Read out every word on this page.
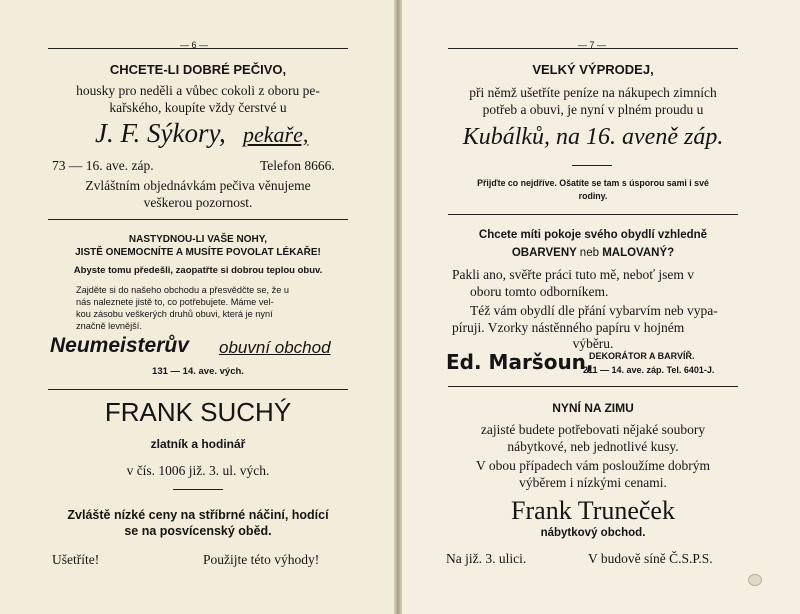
— 6 —
CHCETE-LI DOBRÉ PEČIVO,
housky pro neděli a vůbec cokoli z oboru pe-
kařského, koupíte vždy čerstvé u
J. F. Sýkory, pekaře,
73 — 16. ave. záp.	Telefon 8666.
Zvláštním objednávkám pečiva věnujeme
veškerou pozornost.
NASTYDNOU-LI VAŠE NOHY,
JISTĚ ONEMOCNÍTE A MUSÍTE POVOLAT LÉKAŘE!
Abyste tomu předešli, zaopatřte si dobrou teplou obuv.
Zajděte si do našeho obchodu a přesvědčte se, že u
nás naleznete jistě to, co potřebujete. Máme vel-
kou zásobu veškerých druhů obuvi, která je nyní
značně levnější.
Neumeisterův obuvní obchod
131 — 14. ave. vých.
FRANK SUCHÝ
zlatník a hodinář
v čís. 1006 již. 3. ul. vých.
Zvláště nízké ceny na stříbrné náčiní, hodící
se na posvícenský oběd.
Ušetříte!	Použijte této výhody!
— 7 —
VELKÝ VÝPRODEJ,
při němž ušetříte peníze na nákupech zimních
potřeb a obuvi, je nyní v plném proudu u
Kubálků, na 16. aveně záp.
Přijďte co nejdříve. Ošatíte se tam s úsporou sami i své
rodiny.
Chcete míti pokoje svého obydlí vzhledně
OBARVENY neb MALOVANÝ?
Pakli ano, svěřte práci tuto mě, neboť jsem v
oboru tomto odborníkem.
Též vám obydlí dle přání vybarvím neb vypa-
píruji. Vzorky nástěnného papíru v hojném
výběru.
Ed. Maršoun,
DEKORÁTOR A BARVÍŘ.
211 — 14. ave. záp. Tel. 6401-J.
NYNÍ NA ZIMU
zajisté budete potřebovati nějaké soubory
nábytkové, neb jednotlivé kusy.
V obou případech vám posloužíme dobrým
výběrem i nízkými cenami.
Frank Truneček
nábytkový obchod.
Na již. 3. ulici.	V budově síně Č.S.P.S.
